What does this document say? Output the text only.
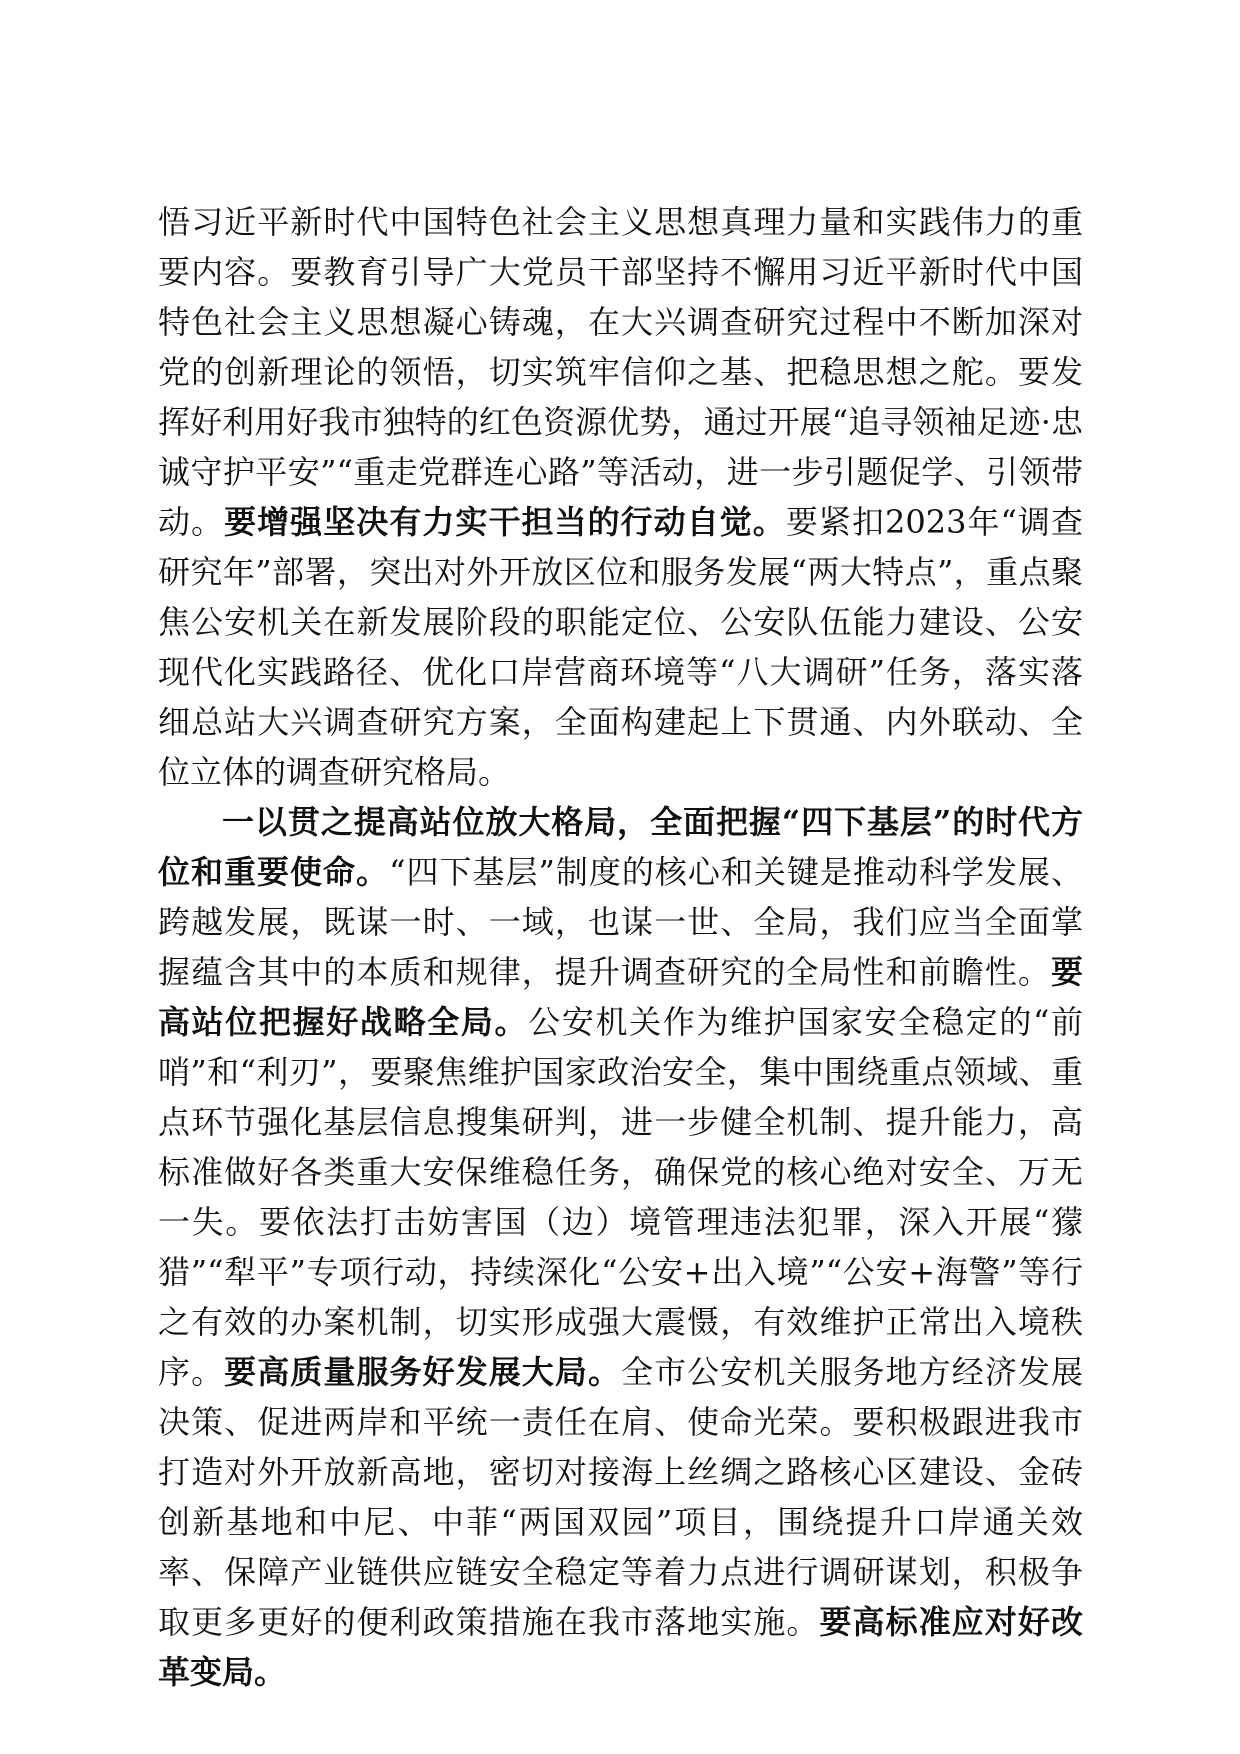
悟习近平新时代中国特色社会主义思想真理力量和实践伟力的重要内容。要教育引导广大党员干部坚持不懈用习近平新时代中国特色社会主义思想凝心铸魂，在大兴调查研究过程中不断加深对党的创新理论的领悟，切实筑牢信仰之基、把稳思想之舵。要发挥好利用好我市独特的红色资源优势，通过开展“追寻领袖足迹·忠诚守护平安”“重走党群连心路”等活动，进一步引题促学、引领带动。要增强坚决有力实干担当的行动自觉。要紧扣2023年“调查研究年”部署，突出对外开放区位和服务发展“两大特点”，重点聚焦公安机关在新发展阶段的职能定位、公安队伍能力建设、公安现代化实践路径、优化口岸营商环境等“八大调研”任务，落实落细总站大兴调查研究方案，全面构建起上下贯通、内外联动、全位立体的调查研究格局。

一以贯之提高站位放大格局，全面把握“四下基层”的时代方位和重要使命。“四下基层”制度的核心和关键是推动科学发展、跨越发展，既谋一时、一域，也谋一世、全局，我们应当全面掌握蕴含其中的本质和规律，提升调查研究的全局性和前瞻性。要高站位把握好战略全局。公安机关作为维护国家安全稳定的“前哨”和“利刃”，要聚焦维护国家政治安全，集中围绕重点领域、重点环节强化基层信息搜集研判，进一步健全机制、提升能力，高标准做好各类重大安保维稳任务，确保党的核心绝对安全、万无一失。要依法打击妨害国（边）境管理违法犯罪，深入开展“獴猎”“犁平”专项行动，持续深化“公安+出入境”“公安+海警”等行之有效的办案机制，切实形成强大震慑，有效维护正常出入境秩序。要高质量服务好发展大局。全市公安机关服务地方经济发展决策、促进两岸和平统一责任在肩、使命光荣。要积极跟进我市打造对外开放新高地，密切对接海上丝绸之路核心区建设、金砖创新基地和中尼、中菲“两国双园”项目，围绕提升口岸通关效率、保障产业链供应链安全稳定等着力点进行调研谋划，积极争取更多更好的便利政策措施在我市落地实施。要高标准应对好改革变局。
